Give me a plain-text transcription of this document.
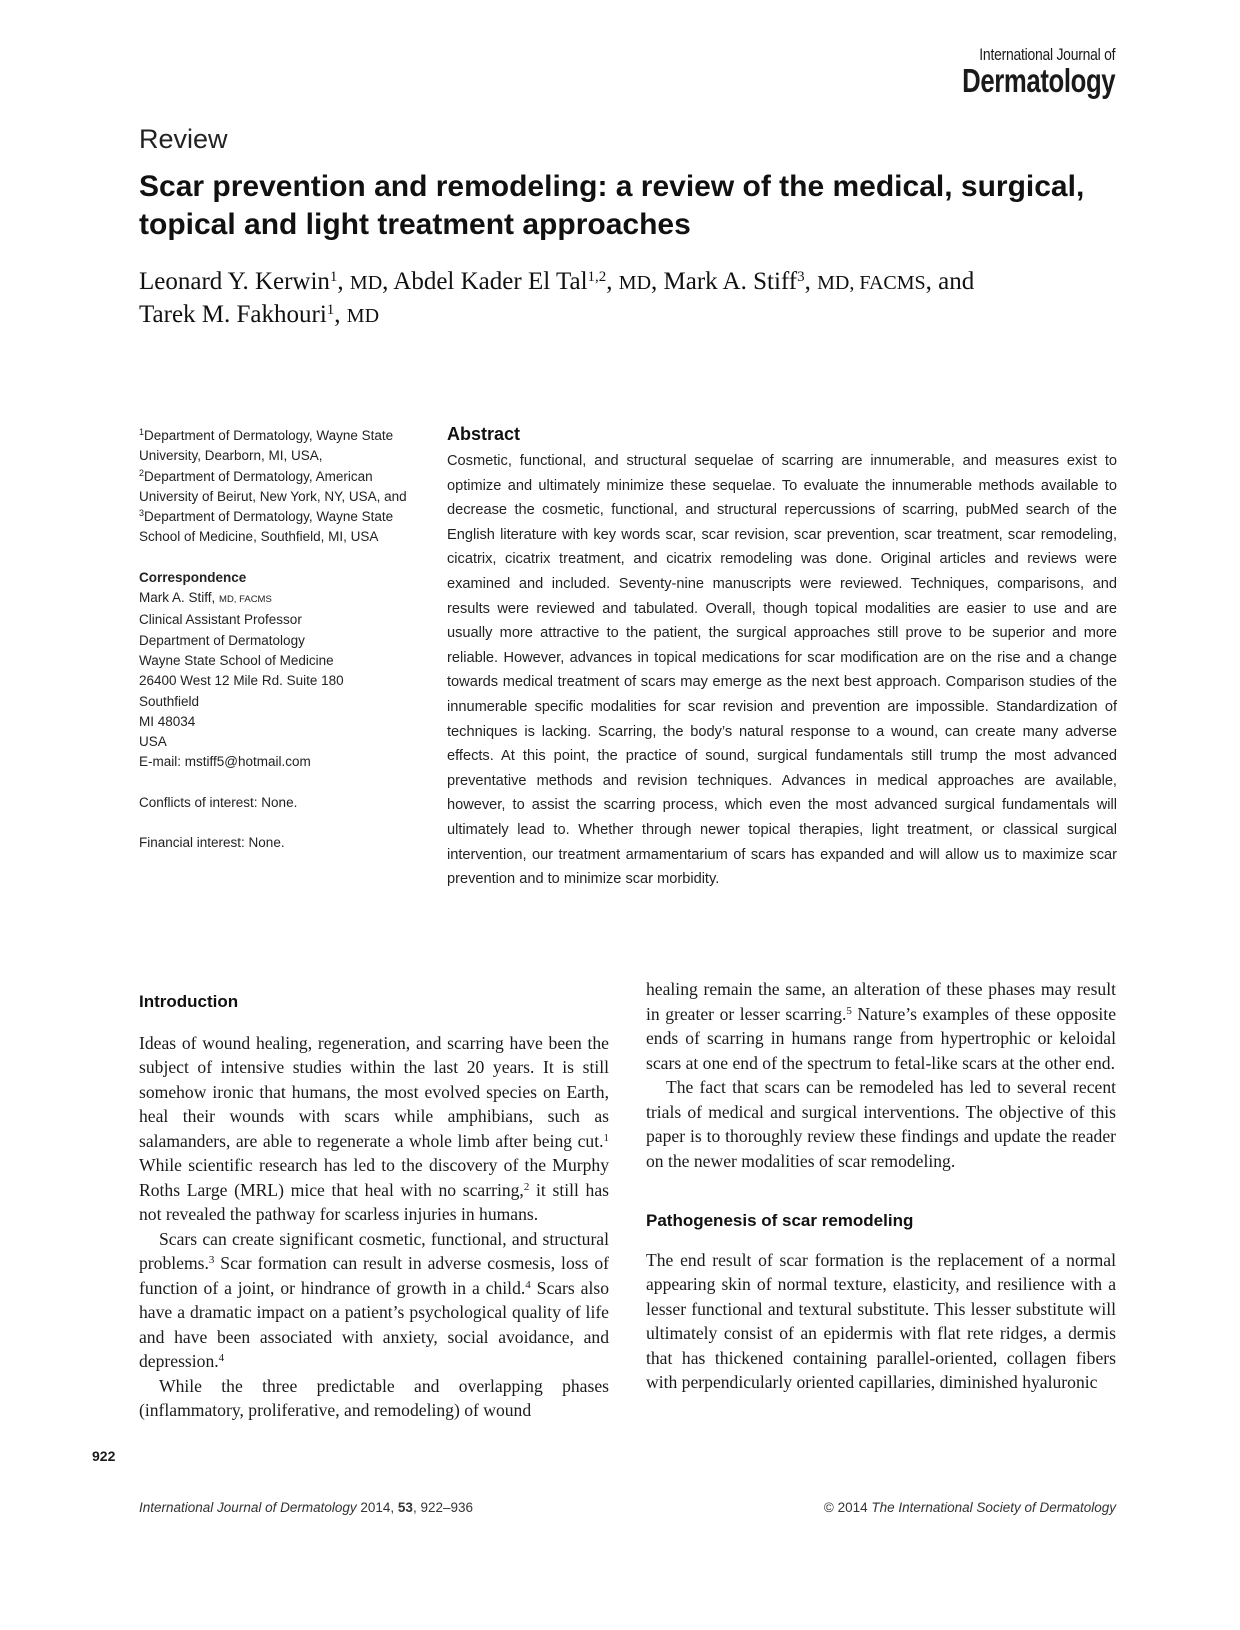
International Journal of
Dermatology
Review
Scar prevention and remodeling: a review of the medical, surgical, topical and light treatment approaches
Leonard Y. Kerwin$^1$, MD, Abdel Kader El Tal$^{1,2}$, MD, Mark A. Stiff$^3$, MD, FACMS, and
Tarek M. Fakhouri$^1$, MD

$^1$Department of Dermatology, Wayne State University, Dearborn, MI, USA,
$^2$Department of Dermatology, American University of Beirut, New York, NY, USA, and $^3$Department of Dermatology, Wayne State School of Medicine, Southfield, MI, USA

Correspondence

Mark A. Stiff, MD, FACMS

Clinical Assistant Professor

Department of Dermatology

Wayne State School of Medicine

26400 West 12 Mile Rd. Suite 180

Southfield

MI 48034

USA

E-mail: mstiff5@hotmail.com

Conflicts of interest: None.

Financial interest: None.

Abstract

Cosmetic, functional, and structural sequelae of scarring are innumerable, and measures exist to optimize and ultimately minimize these sequelae. To evaluate the innumerable methods available to decrease the cosmetic, functional, and structural repercussions of scarring, pubMed search of the English literature with key words scar, scar revision, scar prevention, scar treatment, scar remodeling, cicatrix, cicatrix treatment, and cicatrix remodeling was done. Original articles and reviews were examined and included. Seventy-nine manuscripts were reviewed. Techniques, comparisons, and results were reviewed and tabulated. Overall, though topical modalities are easier to use and are usually more attractive to the patient, the surgical approaches still prove to be superior and more reliable. However, advances in topical medications for scar modification are on the rise and a change towards medical treatment of scars may emerge as the next best approach. Comparison studies of the innumerable specific modalities for scar revision and prevention are impossible. Standardization of techniques is lacking. Scarring, the body’s natural response to a wound, can create many adverse effects. At this point, the practice of sound, surgical fundamentals still trump the most advanced preventative methods and revision techniques. Advances in medical approaches are available, however, to assist the scarring process, which even the most advanced surgical fundamentals will ultimately lead to. Whether through newer topical therapies, light treatment, or classical surgical intervention, our treatment armamentarium of scars has expanded and will allow us to maximize scar prevention and to minimize scar morbidity.

Introduction

Ideas of wound healing, regeneration, and scarring have been the subject of intensive studies within the last 20 years. It is still somehow ironic that humans, the most evolved species on Earth, heal their wounds with scars while amphibians, such as salamanders, are able to regenerate a whole limb after being cut.$^1$ While scientific research has led to the discovery of the Murphy Roths Large (MRL) mice that heal with no scarring,$^2$ it still has not revealed the pathway for scarless injuries in humans.

Scars can create significant cosmetic, functional, and structural problems.$^3$ Scar formation can result in adverse cosmesis, loss of function of a joint, or hindrance of growth in a child.$^4$ Scars also have a dramatic impact on a patient’s psychological quality of life and have been associated with anxiety, social avoidance, and depression.$^4$

While the three predictable and overlapping phases (inflammatory, proliferative, and remodeling) of wound

healing remain the same, an alteration of these phases may result in greater or lesser scarring.$^5$ Nature’s examples of these opposite ends of scarring in humans range from hypertrophic or keloidal scars at one end of the spectrum to fetal-like scars at the other end.

The fact that scars can be remodeled has led to several recent trials of medical and surgical interventions. The objective of this paper is to thoroughly review these findings and update the reader on the newer modalities of scar remodeling.

Pathogenesis of scar remodeling

The end result of scar formation is the replacement of a normal appearing skin of normal texture, elasticity, and resilience with a lesser functional and textural substitute. This lesser substitute will ultimately consist of an epidermis with flat rete ridges, a dermis that has thickened containing parallel-oriented, collagen fibers with perpendicularly oriented capillaries, diminished hyaluronic

922
International Journal of Dermatology 2014, 53, 922–936	© 2014 The International Society of Dermatology
